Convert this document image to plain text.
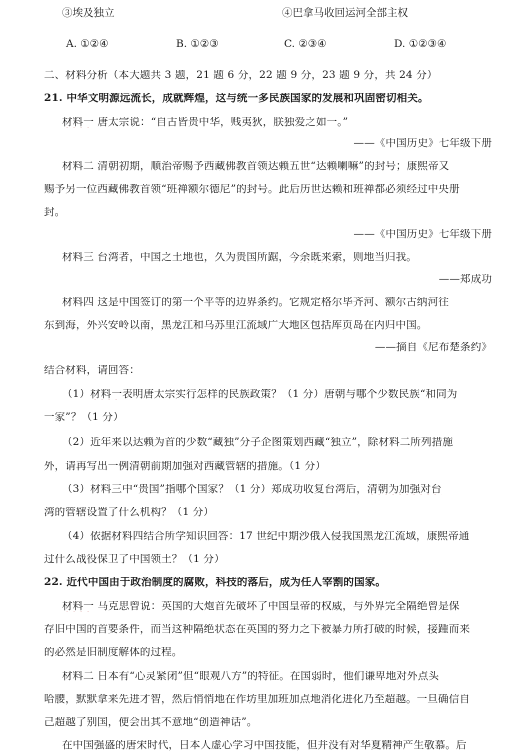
③埃及独立	④巴拿马收回运河全部主权
A. ①②④	B. ①②③	C. ②③④	D. ①②③④
二、材料分析（本大题共 3 题，21 题 6 分，22 题 9 分，23 题 9 分，共 24 分）
21. 中华文明源远流长，成就辉煌，这与统一多民族国家的发展和巩固密切相关。
材料一 唐太宗说：“自古皆贵中华，贱夷狄，朕独爱之如一。”
——《中国历史》七年级下册
材料二 清朝初期，顺治帝赐予西藏佛教首领达赖五世“达赖喇嘛”的封号；康熙帝又
赐予另一位西藏佛教首领“班禅额尔德尼”的封号。此后历世达赖和班禅都必须经过中央册
封。
——《中国历史》七年级下册
材料三 台湾者，中国之土地也，久为贵国所踞，今余既来索，则地当归我。
——郑成功
材料四 这是中国签订的第一个平等的边界条约。它规定格尔毕齐河、额尔古纳河往
东到海，外兴安岭以南，黑龙江和乌苏里江流域广大地区包括库页岛在内归中国。
——摘自《尼布楚条约》
结合材料，请回答：
（1）材料一表明唐太宗实行怎样的民族政策？（1 分）唐朝与哪个少数民族“和同为
一家”？（1 分）
（2）近年来以达赖为首的少数“藏独”分子企图策划西藏“独立”，除材料二所列措施
外，请再写出一例清朝前期加强对西藏管辖的措施。（1 分）
（3）材料三中“贵国”指哪个国家？（1 分）郑成功收复台湾后，清朝为加强对台
湾的管辖设置了什么机构？（1 分）
（4）依据材料四结合所学知识回答：17 世纪中期沙俄入侵我国黑龙江流域，康熙帝通
过什么战役保卫了中国领土？（1 分）
22. 近代中国由于政治制度的腐败，科技的落后，成为任人宰割的国家。
材料一 马克思曾说：英国的大炮首先破坏了中国皇帝的权威，与外界完全隔绝曾是保
存旧中国的首要条件，而当这种隔绝状态在英国的努力之下被暴力所打破的时候，接踵而来
的必然是旧制度解体的过程。
材料二 日本有“心灵紧闭”但“眼观八方”的特征。在国弱时，他们谦卑地对外点头
哈腰，默默拿来先进才智，然后悄悄地在作坊里加班加点地消化进化乃至超越。一旦确信自
己超越了别国，便会出其不意地“创造神话”。
在中国强盛的唐宋时代，日本人虚心学习中国技能，但并没有对华夏精神产生敬慕。后
